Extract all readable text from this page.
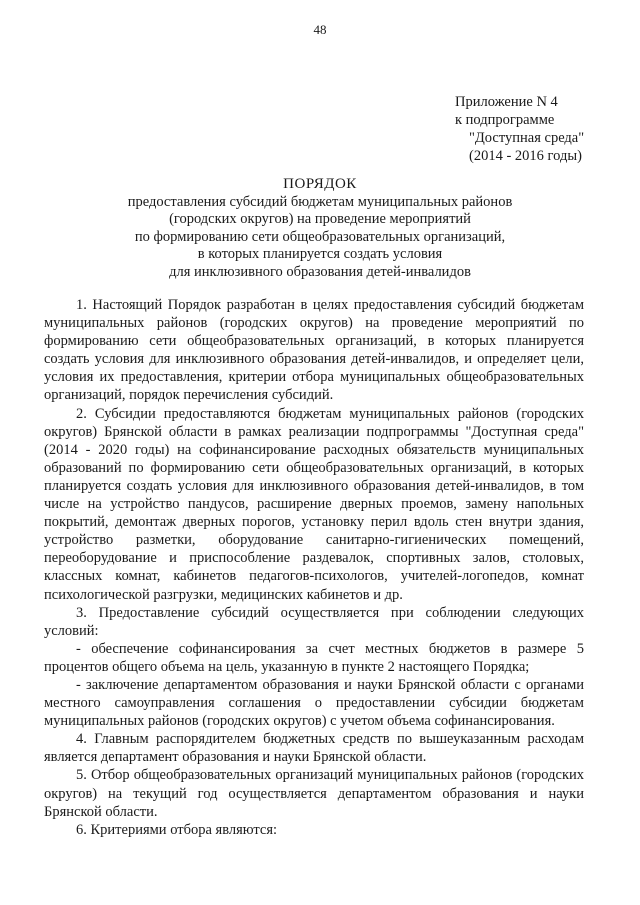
48
Приложение N 4
к подпрограмме
"Доступная среда"
(2014 - 2016 годы)
ПОРЯДОК
предоставления субсидий бюджетам муниципальных районов
(городских округов) на проведение мероприятий
по формированию сети общеобразовательных организаций,
в которых планируется создать условия
для инклюзивного образования детей-инвалидов

1. Настоящий Порядок разработан в целях предоставления субсидий бюджетам муниципальных районов (городских округов) на проведение мероприятий по формированию сети общеобразовательных организаций, в которых планируется создать условия для инклюзивного образования детей-инвалидов, и определяет цели, условия их предоставления, критерии отбора муниципальных общеобразовательных организаций, порядок перечисления субсидий.

2. Субсидии предоставляются бюджетам муниципальных районов (городских округов) Брянской области в рамках реализации подпрограммы "Доступная среда" (2014 - 2020 годы) на софинансирование расходных обязательств муниципальных образований по формированию сети общеобразовательных организаций, в которых планируется создать условия для инклюзивного образования детей-инвалидов, в том числе на устройство пандусов, расширение дверных проемов, замену напольных покрытий, демонтаж дверных порогов, установку перил вдоль стен внутри здания, устройство разметки, оборудование санитарно-гигиенических помещений, переоборудование и приспособление раздевалок, спортивных залов, столовых, классных комнат, кабинетов педагогов-психологов, учителей-логопедов, комнат психологической разгрузки, медицинских кабинетов и др.

3. Предоставление субсидий осуществляется при соблюдении следующих условий:

- обеспечение софинансирования за счет местных бюджетов в размере 5 процентов общего объема на цель, указанную в пункте 2 настоящего Порядка;

- заключение департаментом образования и науки Брянской области с органами местного самоуправления соглашения о предоставлении субсидии бюджетам муниципальных районов (городских округов) с учетом объема софинансирования.

4. Главным распорядителем бюджетных средств по вышеуказанным расходам является департамент образования и науки Брянской области.

5. Отбор общеобразовательных организаций муниципальных районов (городских округов) на текущий год осуществляется департаментом образования и науки Брянской области.

6. Критериями отбора являются:
